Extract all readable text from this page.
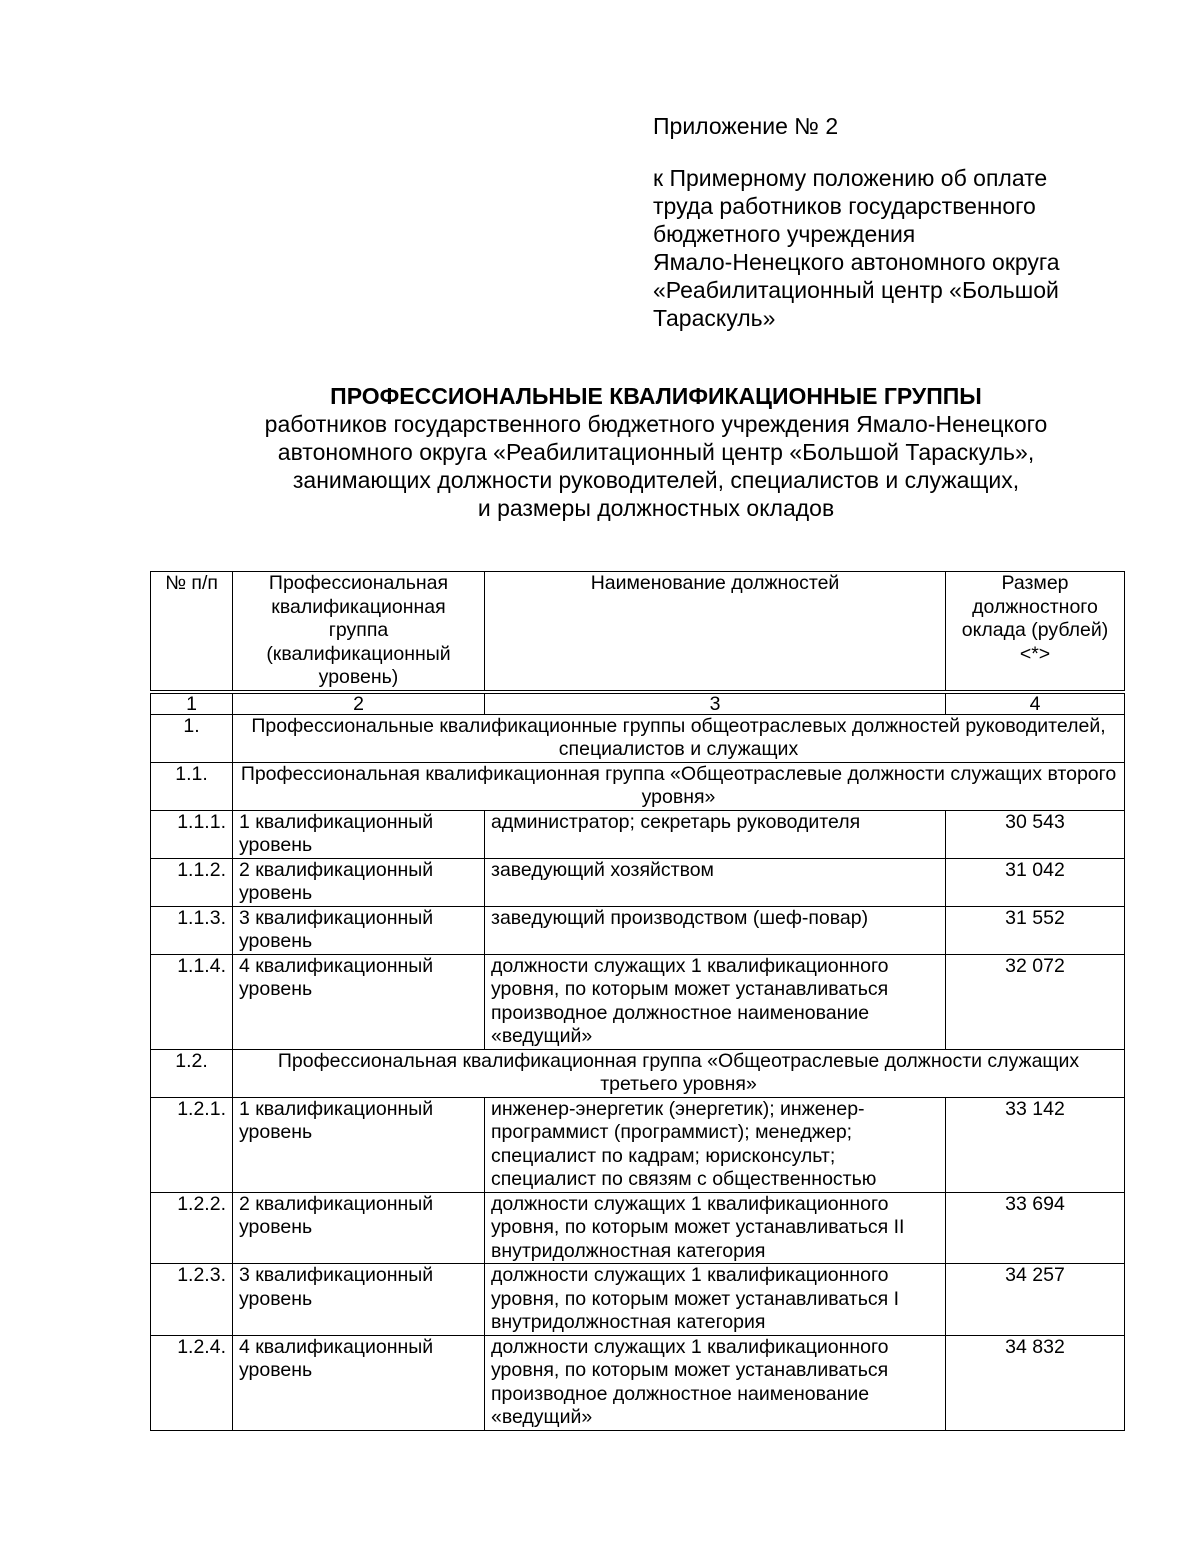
Приложение № 2
к Примерному положению об оплате
труда работников государственного
бюджетного учреждения
Ямало-Ненецкого автономного округа
«Реабилитационный центр «Большой
Тараскуль»
ПРОФЕССИОНАЛЬНЫЕ КВАЛИФИКАЦИОННЫЕ ГРУППЫ
работников государственного бюджетного учреждения Ямало-Ненецкого
автономного округа «Реабилитационный центр «Большой Тараскуль»,
занимающих должности руководителей, специалистов и служащих,
и размеры должностных окладов
№ п/п	Профессиональная квалификационная группа (квалификационный уровень)	Наименование должностей	Размер должностного оклада (рублей) <*>

1	2	3	4
1.	Профессиональные квалификационные группы общеотраслевых должностей руководителей, специалистов и служащих		
1.1.	Профессиональная квалификационная группа «Общеотраслевые должности служащих второго уровня»		
1.1.1.	1 квалификационный уровень	администратор; секретарь руководителя	30 543
1.1.2.	2 квалификационный уровень	заведующий хозяйством	31 042
1.1.3.	3 квалификационный уровень	заведующий производством (шеф-повар)	31 552
1.1.4.	4 квалификационный уровень	должности служащих 1 квалификационного уровня, по которым может устанавливаться производное должностное наименование «ведущий»	32 072
1.2.	Профессиональная квалификационная группа «Общеотраслевые должности служащих третьего уровня»		
1.2.1.	1 квалификационный уровень	инженер-энергетик (энергетик); инженер-программист (программист); менеджер; специалист по кадрам; юрисконсульт; специалист по связям с общественностью	33 142
1.2.2.	2 квалификационный уровень	должности служащих 1 квалификационного уровня, по которым может устанавливаться II внутридолжностная категория	33 694
1.2.3.	3 квалификационный уровень	должности служащих 1 квалификационного уровня, по которым может устанавливаться I внутридолжностная категория	34 257
1.2.4.	4 квалификационный уровень	должности служащих 1 квалификационного уровня, по которым может устанавливаться производное должностное наименование «ведущий»	34 832
